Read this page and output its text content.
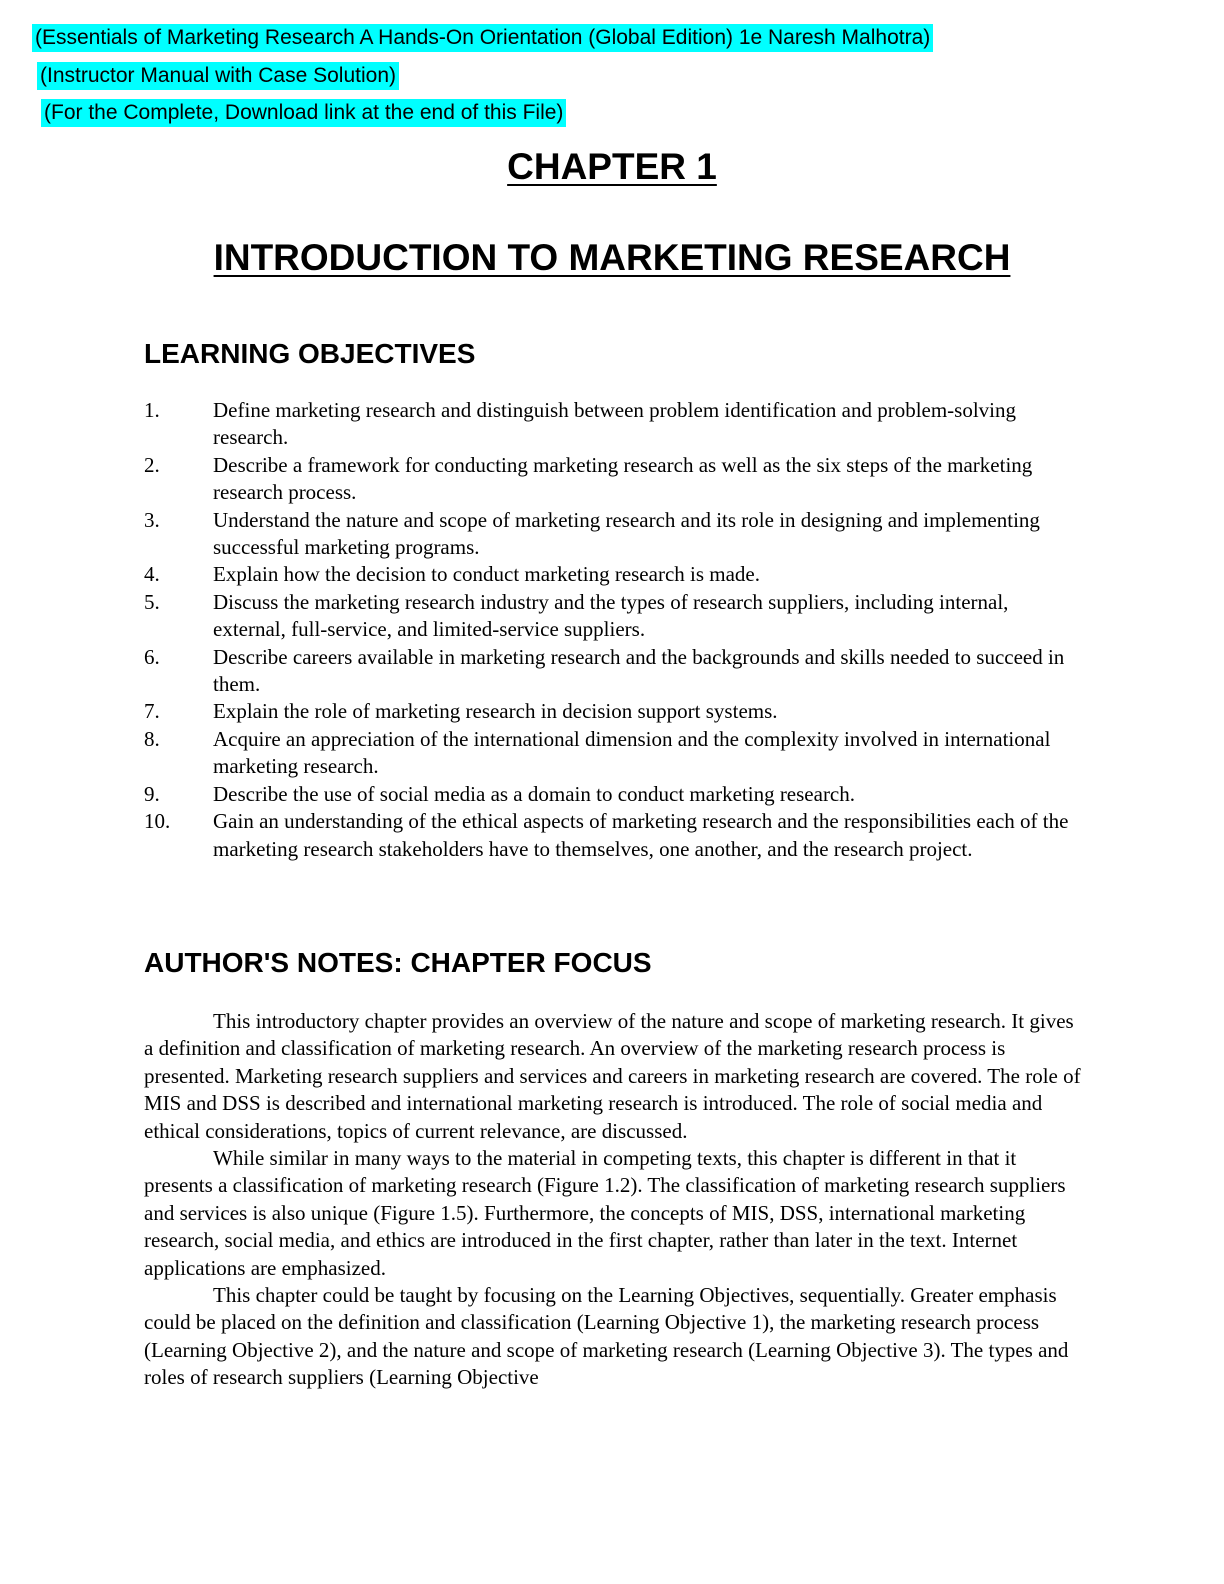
(Essentials of Marketing Research A Hands-On Orientation (Global Edition) 1e Naresh Malhotra)
(Instructor Manual with Case Solution)
(For the Complete, Download link at the end of this File)
CHAPTER 1
INTRODUCTION TO MARKETING RESEARCH
LEARNING OBJECTIVES
1.	Define marketing research and distinguish between problem identification and problem-solving research.
2.	Describe a framework for conducting marketing research as well as the six steps of the marketing research process.
3.	Understand the nature and scope of marketing research and its role in designing and implementing successful marketing programs.
4.	Explain how the decision to conduct marketing research is made.
5.	Discuss the marketing research industry and the types of research suppliers, including internal, external, full-service, and limited-service suppliers.
6.	Describe careers available in marketing research and the backgrounds and skills needed to succeed in them.
7.	Explain the role of marketing research in decision support systems.
8.	Acquire an appreciation of the international dimension and the complexity involved in international marketing research.
9.	Describe the use of social media as a domain to conduct marketing research.
10.	Gain an understanding of the ethical aspects of marketing research and the responsibilities each of the marketing research stakeholders have to themselves, one another, and the research project.
AUTHOR'S NOTES: CHAPTER FOCUS

This introductory chapter provides an overview of the nature and scope of marketing research. It gives a definition and classification of marketing research. An overview of the marketing research process is presented. Marketing research suppliers and services and careers in marketing research are covered. The role of MIS and DSS is described and international marketing research is introduced. The role of social media and ethical considerations, topics of current relevance, are discussed.

While similar in many ways to the material in competing texts, this chapter is different in that it presents a classification of marketing research (Figure 1.2). The classification of marketing research suppliers and services is also unique (Figure 1.5). Furthermore, the concepts of MIS, DSS, international marketing research, social media, and ethics are introduced in the first chapter, rather than later in the text. Internet applications are emphasized.

This chapter could be taught by focusing on the Learning Objectives, sequentially. Greater emphasis could be placed on the definition and classification (Learning Objective 1), the marketing research process (Learning Objective 2), and the nature and scope of marketing research (Learning Objective 3). The types and roles of research suppliers (Learning Objective
